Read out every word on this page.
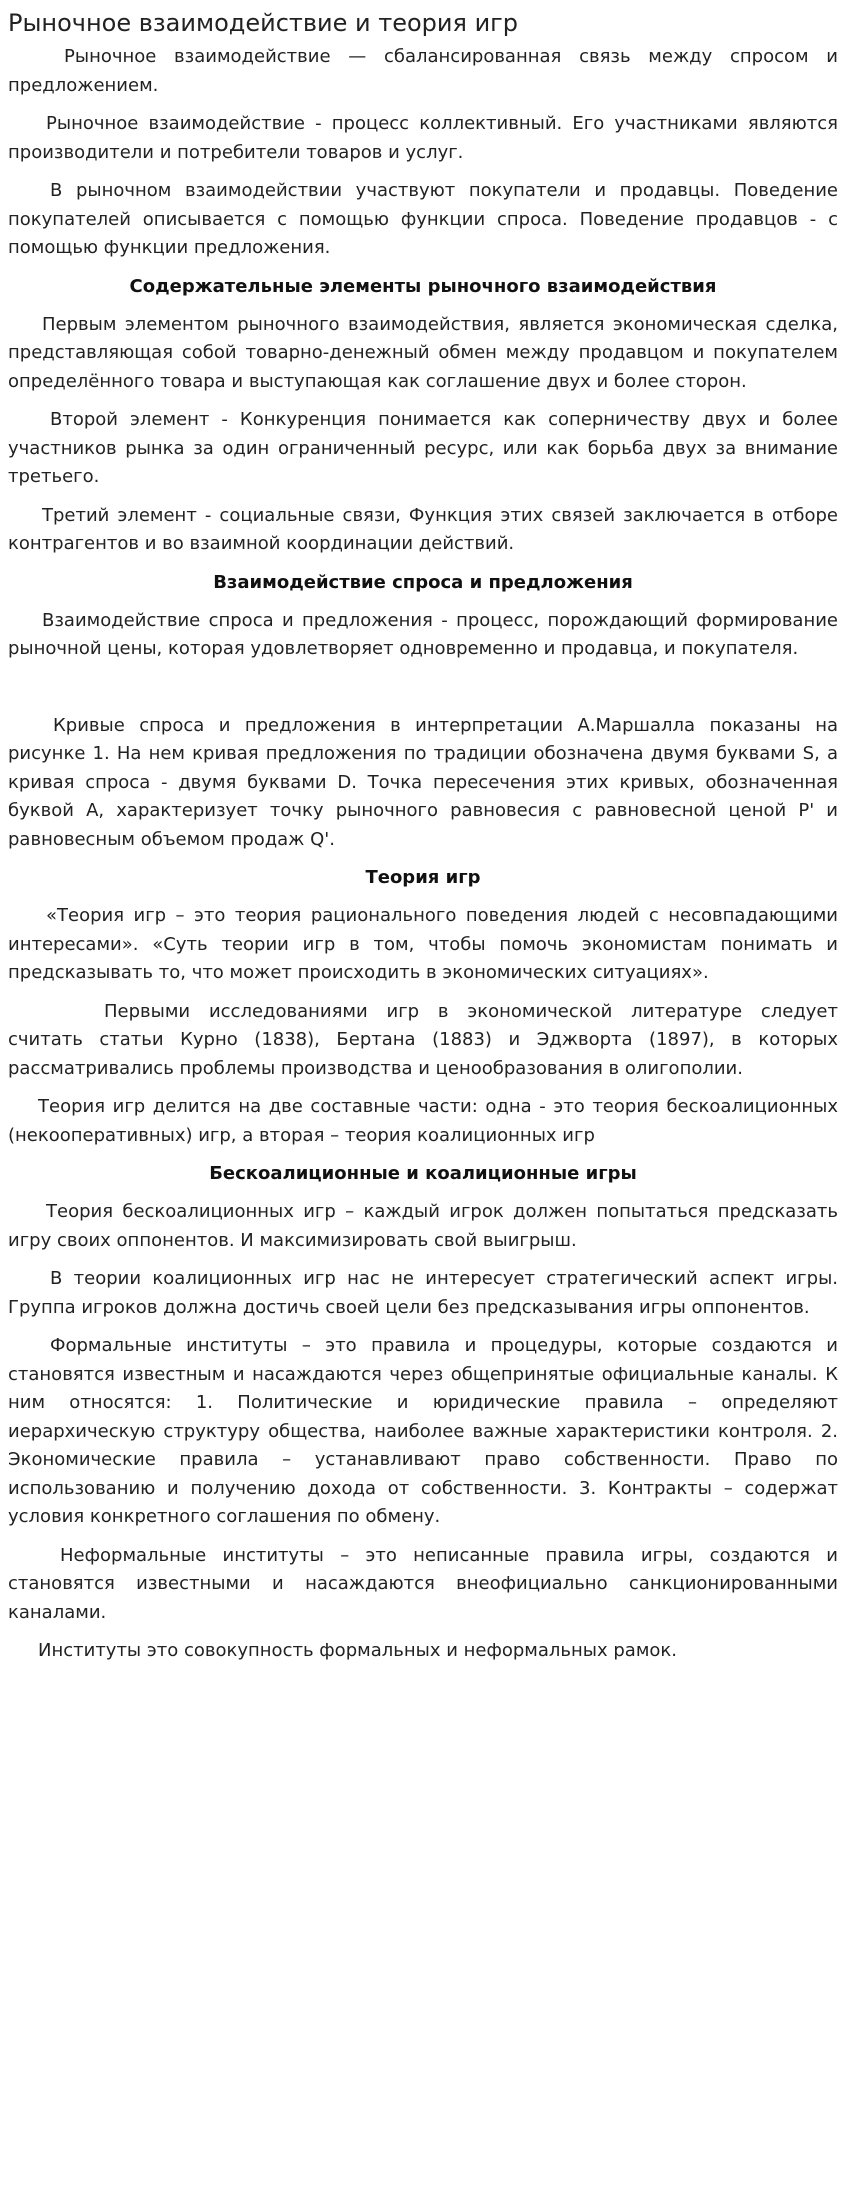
Рыночное взаимодействие и теория игр

Рыночное взаимодействие — сбалансированная связь между спросом и предложением.

Рыночное взаимодействие - процесс коллективный. Его участниками являются производители и потребители товаров и услуг.

В рыночном взаимодействии участвуют покупатели и продавцы. Поведение покупателей описывается с помощью функции спроса. Поведение продавцов - с помощью функции предложения.

Содержательные элементы рыночного взаимодействия

Первым элементом рыночного взаимодействия, является экономическая сделка, представляющая собой товарно-денежный обмен между продавцом и покупателем определённого товара и выступающая как соглашение двух и более сторон.

Второй элемент - Конкуренция понимается как соперничеству двух и более участников рынка за один ограниченный ресурс, или как борьба двух за внимание третьего.

Третий элемент - социальные связи, Функция этих связей заключается в отборе контрагентов и во взаимной координации действий.

Взаимодействие спроса и предложения

Взаимодействие спроса и предложения - процесс, порождающий формирование рыночной цены, которая удовлетворяет одновременно и продавца, и покупателя.

Кривые спроса и предложения в интерпретации А.Маршалла показаны на рисунке 1. На нем кривая предложения по традиции обозначена двумя буквами S, а кривая спроса - двумя буквами D. Точка пересечения этих кривых, обозначенная буквой А, характеризует точку рыночного равновесия с равновесной ценой P' и равновесным объемом продаж Q'.

Теория игр

«Теория игр – это теория рационального поведения людей с несовпадающими интересами». «Суть теории игр в том, чтобы помочь экономистам понимать и предсказывать то, что может происходить в экономических ситуациях».

Первыми исследованиями игр в экономической литературе следует считать статьи Курно (1838), Бертана (1883) и Эджворта (1897), в которых рассматривались проблемы производства и ценообразования в олигополии.

Теория игр делится на две составные части: одна - это теория бескоалиционных (некооперативных) игр, а вторая – теория коалиционных игр

Бескоалиционные и коалиционные игры

Теория бескоалиционных игр – каждый игрок должен попытаться предсказать игру своих оппонентов. И максимизировать свой выигрыш.

В теории коалиционных игр нас не интересует стратегический аспект игры. Группа игроков должна достичь своей цели без предсказывания игры оппонентов.

Формальные институты – это правила и процедуры, которые создаются и становятся известным и насаждаются через общепринятые официальные каналы. К ним относятся: 1. Политические и юридические правила – определяют иерархическую структуру общества, наиболее важные характеристики контроля. 2. Экономические правила – устанавливают право собственности. Право по использованию и получению дохода от собственности. 3. Контракты – содержат условия конкретного соглашения по обмену.

Неформальные институты – это неписанные правила игры, создаются и становятся известными и насаждаются внеофициально санкционированными каналами.

Институты это совокупность формальных и неформальных рамок.
